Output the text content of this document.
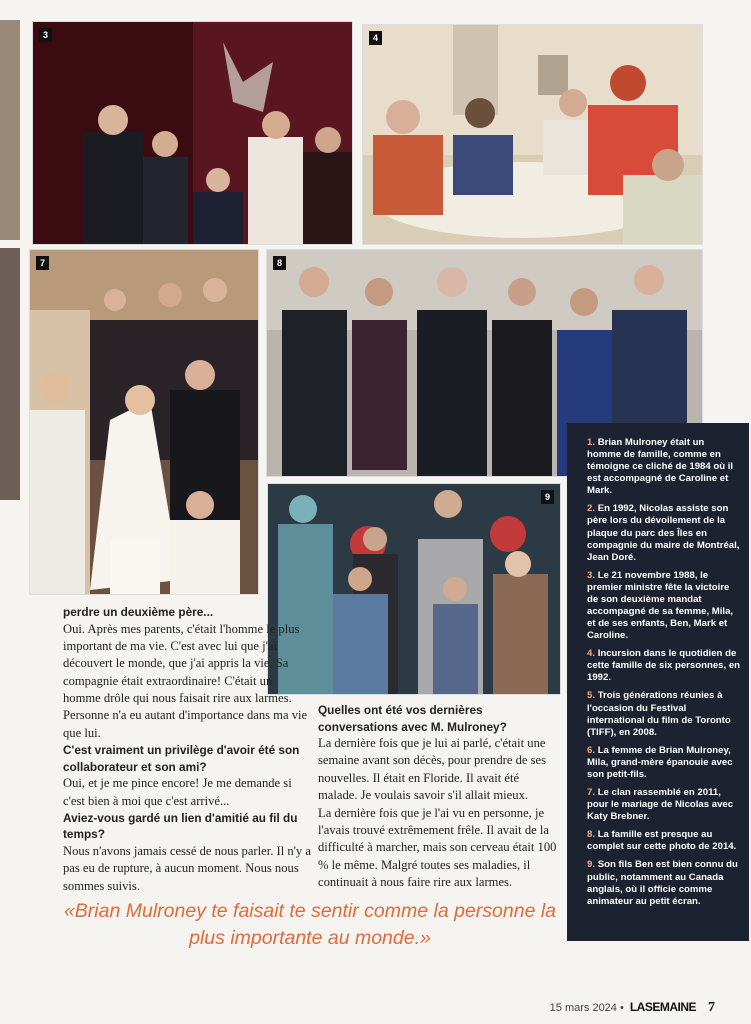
3	4
7	8
9

perdre un deuxième père...

Oui. Après mes parents, c'était l'homme le plus important de ma vie. C'est avec lui que j'ai découvert le monde, que j'ai appris la vie. Sa compagnie était extraordinaire! C'était un homme drôle qui nous faisait rire aux larmes. Personne n'a eu autant d'importance dans ma vie que lui.

C'est vraiment un privilège d'avoir été son collaborateur et son ami?

Oui, et je me pince encore! Je me demande si c'est bien à moi que c'est arrivé...

Aviez-vous gardé un lien d'amitié au fil du temps?

Nous n'avons jamais cessé de nous parler. Il n'y a pas eu de rupture, à aucun moment. Nous nous sommes suivis.

Quelles ont été vos dernières conversations avec M. Mulroney?

La dernière fois que je lui ai parlé, c'était une semaine avant son décès, pour prendre de ses nouvelles. Il était en Floride. Il avait été malade. Je voulais savoir s'il allait mieux.

La dernière fois que je l'ai vu en personne, je l'avais trouvé extrêmement frêle. Il avait de la difficulté à marcher, mais son cerveau était 100 % le même. Malgré toutes ses maladies, il continuait à nous faire rire aux larmes.

1. Brian Mulroney était un homme de famille, comme en témoigne ce cliché de 1984 où il est accompagné de Caroline et Mark.

2. En 1992, Nicolas assiste son père lors du dévoilement de la plaque du parc des Îles en compagnie du maire de Montréal, Jean Doré.

3. Le 21 novembre 1988, le premier ministre fête la victoire de son deuxième mandat accompagné de sa femme, Mila, et de ses enfants, Ben, Mark et Caroline.

4. Incursion dans le quotidien de cette famille de six personnes, en 1992.

5. Trois générations réunies à l'occasion du Festival international du film de Toronto (TIFF), en 2008.

6. La femme de Brian Mulroney, Mila, grand-mère épanouie avec son petit-fils.

7. Le clan rassemblé en 2011, pour le mariage de Nicolas avec Katy Brebner.

8. La famille est presque au complet sur cette photo de 2014.

9. Son fils Ben est bien connu du public, notamment au Canada anglais, où il officie comme animateur au petit écran.

«Brian Mulroney te faisait te sentir comme la personne la plus importante au monde.»
15 mars 2024 • LASEMAINE 7
